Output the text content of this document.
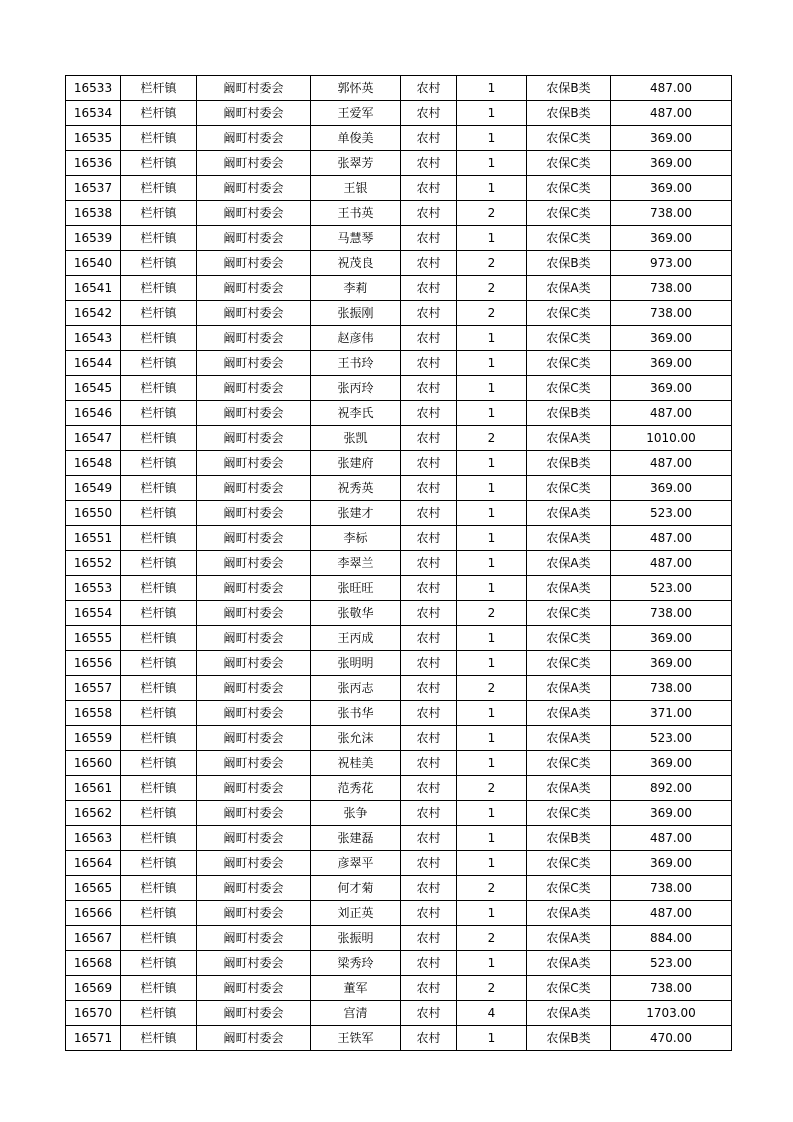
16533	栏杆镇	阚町村委会	郭怀英	农村	1	农保B类	487.00
16534	栏杆镇	阚町村委会	王爱军	农村	1	农保B类	487.00
16535	栏杆镇	阚町村委会	单俊美	农村	1	农保C类	369.00
16536	栏杆镇	阚町村委会	张翠芳	农村	1	农保C类	369.00
16537	栏杆镇	阚町村委会	王银	农村	1	农保C类	369.00
16538	栏杆镇	阚町村委会	王书英	农村	2	农保C类	738.00
16539	栏杆镇	阚町村委会	马慧琴	农村	1	农保C类	369.00
16540	栏杆镇	阚町村委会	祝茂良	农村	2	农保B类	973.00
16541	栏杆镇	阚町村委会	李莉	农村	2	农保A类	738.00
16542	栏杆镇	阚町村委会	张振刚	农村	2	农保C类	738.00
16543	栏杆镇	阚町村委会	赵彦伟	农村	1	农保C类	369.00
16544	栏杆镇	阚町村委会	王书玲	农村	1	农保C类	369.00
16545	栏杆镇	阚町村委会	张丙玲	农村	1	农保C类	369.00
16546	栏杆镇	阚町村委会	祝李氏	农村	1	农保B类	487.00
16547	栏杆镇	阚町村委会	张凯	农村	2	农保A类	1010.00
16548	栏杆镇	阚町村委会	张建府	农村	1	农保B类	487.00
16549	栏杆镇	阚町村委会	祝秀英	农村	1	农保C类	369.00
16550	栏杆镇	阚町村委会	张建才	农村	1	农保A类	523.00
16551	栏杆镇	阚町村委会	李标	农村	1	农保A类	487.00
16552	栏杆镇	阚町村委会	李翠兰	农村	1	农保A类	487.00
16553	栏杆镇	阚町村委会	张旺旺	农村	1	农保A类	523.00
16554	栏杆镇	阚町村委会	张敬华	农村	2	农保C类	738.00
16555	栏杆镇	阚町村委会	王丙成	农村	1	农保C类	369.00
16556	栏杆镇	阚町村委会	张明明	农村	1	农保C类	369.00
16557	栏杆镇	阚町村委会	张丙志	农村	2	农保A类	738.00
16558	栏杆镇	阚町村委会	张书华	农村	1	农保A类	371.00
16559	栏杆镇	阚町村委会	张允沫	农村	1	农保A类	523.00
16560	栏杆镇	阚町村委会	祝桂美	农村	1	农保C类	369.00
16561	栏杆镇	阚町村委会	范秀花	农村	2	农保A类	892.00
16562	栏杆镇	阚町村委会	张争	农村	1	农保C类	369.00
16563	栏杆镇	阚町村委会	张建磊	农村	1	农保B类	487.00
16564	栏杆镇	阚町村委会	彦翠平	农村	1	农保C类	369.00
16565	栏杆镇	阚町村委会	何才菊	农村	2	农保C类	738.00
16566	栏杆镇	阚町村委会	刘正英	农村	1	农保A类	487.00
16567	栏杆镇	阚町村委会	张振明	农村	2	农保A类	884.00
16568	栏杆镇	阚町村委会	梁秀玲	农村	1	农保A类	523.00
16569	栏杆镇	阚町村委会	董军	农村	2	农保C类	738.00
16570	栏杆镇	阚町村委会	宫清	农村	4	农保A类	1703.00
16571	栏杆镇	阚町村委会	王铁军	农村	1	农保B类	470.00
